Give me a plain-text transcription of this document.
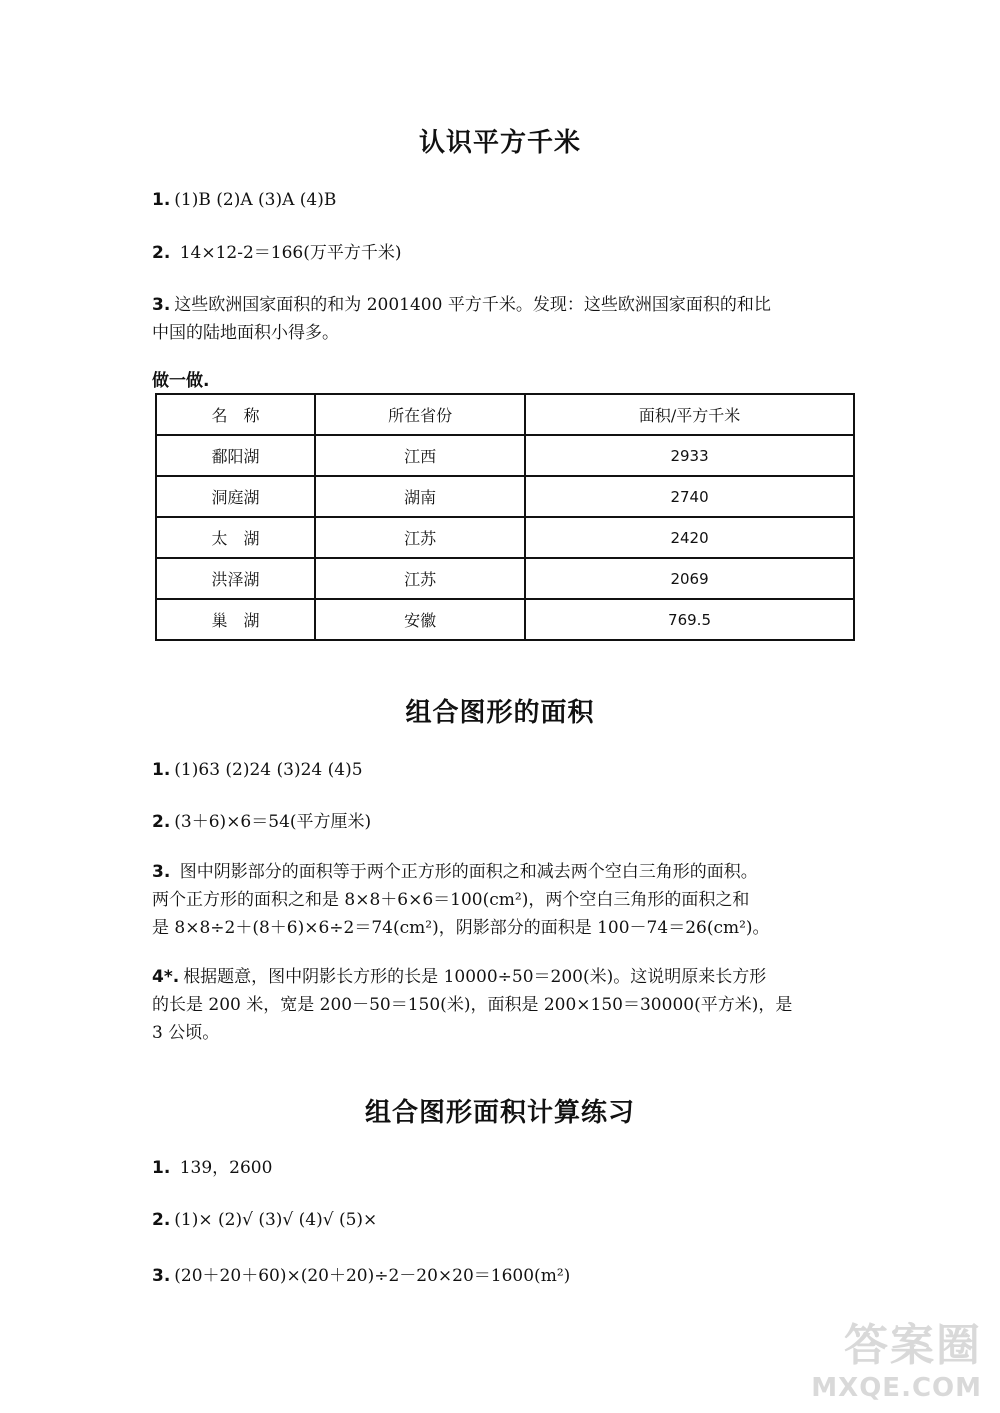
认识平方千米
1. (1)B (2)A (3)A (4)B
2. 14×12-2＝166(万平方千米)
3. 这些欧洲国家面积的和为 2001400 平方千米。发现：这些欧洲国家面积的和比
中国的陆地面积小得多。
做一做.
名　称	所在省份	面积/平方千米
鄱阳湖	江西	2933
洞庭湖	湖南	2740
太　湖	江苏	2420
洪泽湖	江苏	2069
巢　湖	安徽	769.5
组合图形的面积
1. (1)63 (2)24 (3)24 (4)5
2. (3＋6)×6＝54(平方厘米)
3. 图中阴影部分的面积等于两个正方形的面积之和减去两个空白三角形的面积。
两个正方形的面积之和是 8×8＋6×6＝100(cm²)，两个空白三角形的面积之和
是 8×8÷2＋(8＋6)×6÷2＝74(cm²)，阴影部分的面积是 100－74＝26(cm²)。
4*. 根据题意，图中阴影长方形的长是 10000÷50＝200(米)。这说明原来长方形
的长是 200 米，宽是 200－50＝150(米)，面积是 200×150＝30000(平方米)，是
3 公顷。
组合图形面积计算练习
1. 139，2600
2. (1)× (2)√ (3)√ (4)√ (5)×
3. (20＋20＋60)×(20＋20)÷2－20×20＝1600(m²)
答案圈
MXQE.COM
